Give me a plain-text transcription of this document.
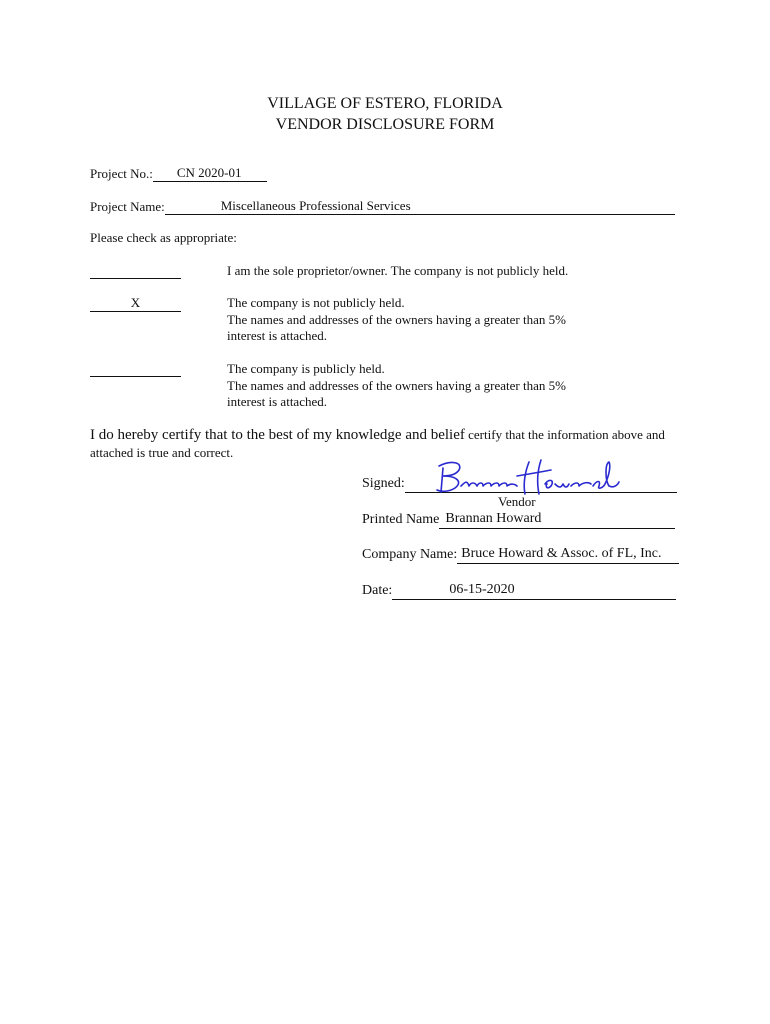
VILLAGE OF ESTERO, FLORIDA
VENDOR DISCLOSURE FORM
Project No.: CN 2020-01
Project Name:	Miscellaneous Professional Services
Please check as appropriate:
I am the sole proprietor/owner. The company is not publicly held.
X	The company is not publicly held.
The names and addresses of the owners having a greater than 5%
interest is attached.
The company is publicly held.
The names and addresses of the owners having a greater than 5%
interest is attached.
I do hereby certify that to the best of my knowledge and belief certify that the information above and attached is true and correct.
Signed:
Vendor
Printed Name Brannan Howard
Company Name: Bruce Howard & Assoc. of FL, Inc.
Date:	06-15-2020
